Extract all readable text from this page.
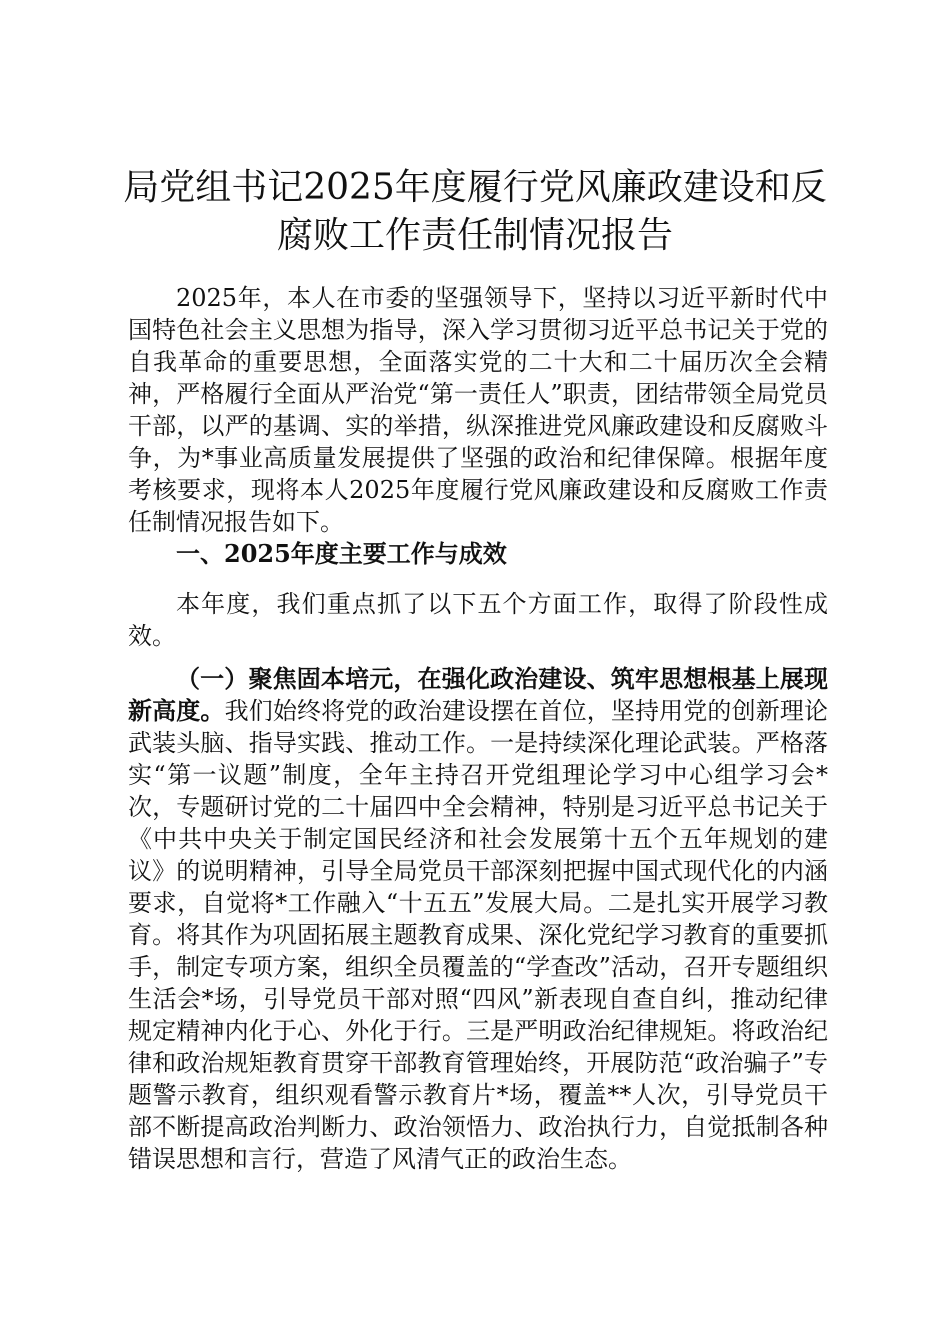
局党组书记2025年度履行党风廉政建设和反腐败工作责任制情况报告

2025年，本人在市委的坚强领导下，坚持以习近平新时代中国特色社会主义思想为指导，深入学习贯彻习近平总书记关于党的自我革命的重要思想，全面落实党的二十大和二十届历次全会精神，严格履行全面从严治党“第一责任人”职责，团结带领全局党员干部，以严的基调、实的举措，纵深推进党风廉政建设和反腐败斗争，为*事业高质量发展提供了坚强的政治和纪律保障。根据年度考核要求，现将本人2025年度履行党风廉政建设和反腐败工作责任制情况报告如下。

一、2025年度主要工作与成效

本年度，我们重点抓了以下五个方面工作，取得了阶段性成效。

（一）聚焦固本培元，在强化政治建设、筑牢思想根基上展现新高度。我们始终将党的政治建设摆在首位，坚持用党的创新理论武装头脑、指导实践、推动工作。一是持续深化理论武装。严格落实“第一议题”制度，全年主持召开党组理论学习中心组学习会*次，专题研讨党的二十届四中全会精神，特别是习近平总书记关于《中共中央关于制定国民经济和社会发展第十五个五年规划的建议》的说明精神，引导全局党员干部深刻把握中国式现代化的内涵要求，自觉将*工作融入“十五五”发展大局。二是扎实开展学习教育。将其作为巩固拓展主题教育成果、深化党纪学习教育的重要抓手，制定专项方案，组织全员覆盖的“学查改”活动，召开专题组织生活会*场，引导党员干部对照“四风”新表现自查自纠，推动纪律规定精神内化于心、外化于行。三是严明政治纪律规矩。将政治纪律和政治规矩教育贯穿干部教育管理始终，开展防范“政治骗子”专题警示教育，组织观看警示教育片*场，覆盖**人次，引导党员干部不断提高政治判断力、政治领悟力、政治执行力，自觉抵制各种错误思想和言行，营造了风清气正的政治生态。
